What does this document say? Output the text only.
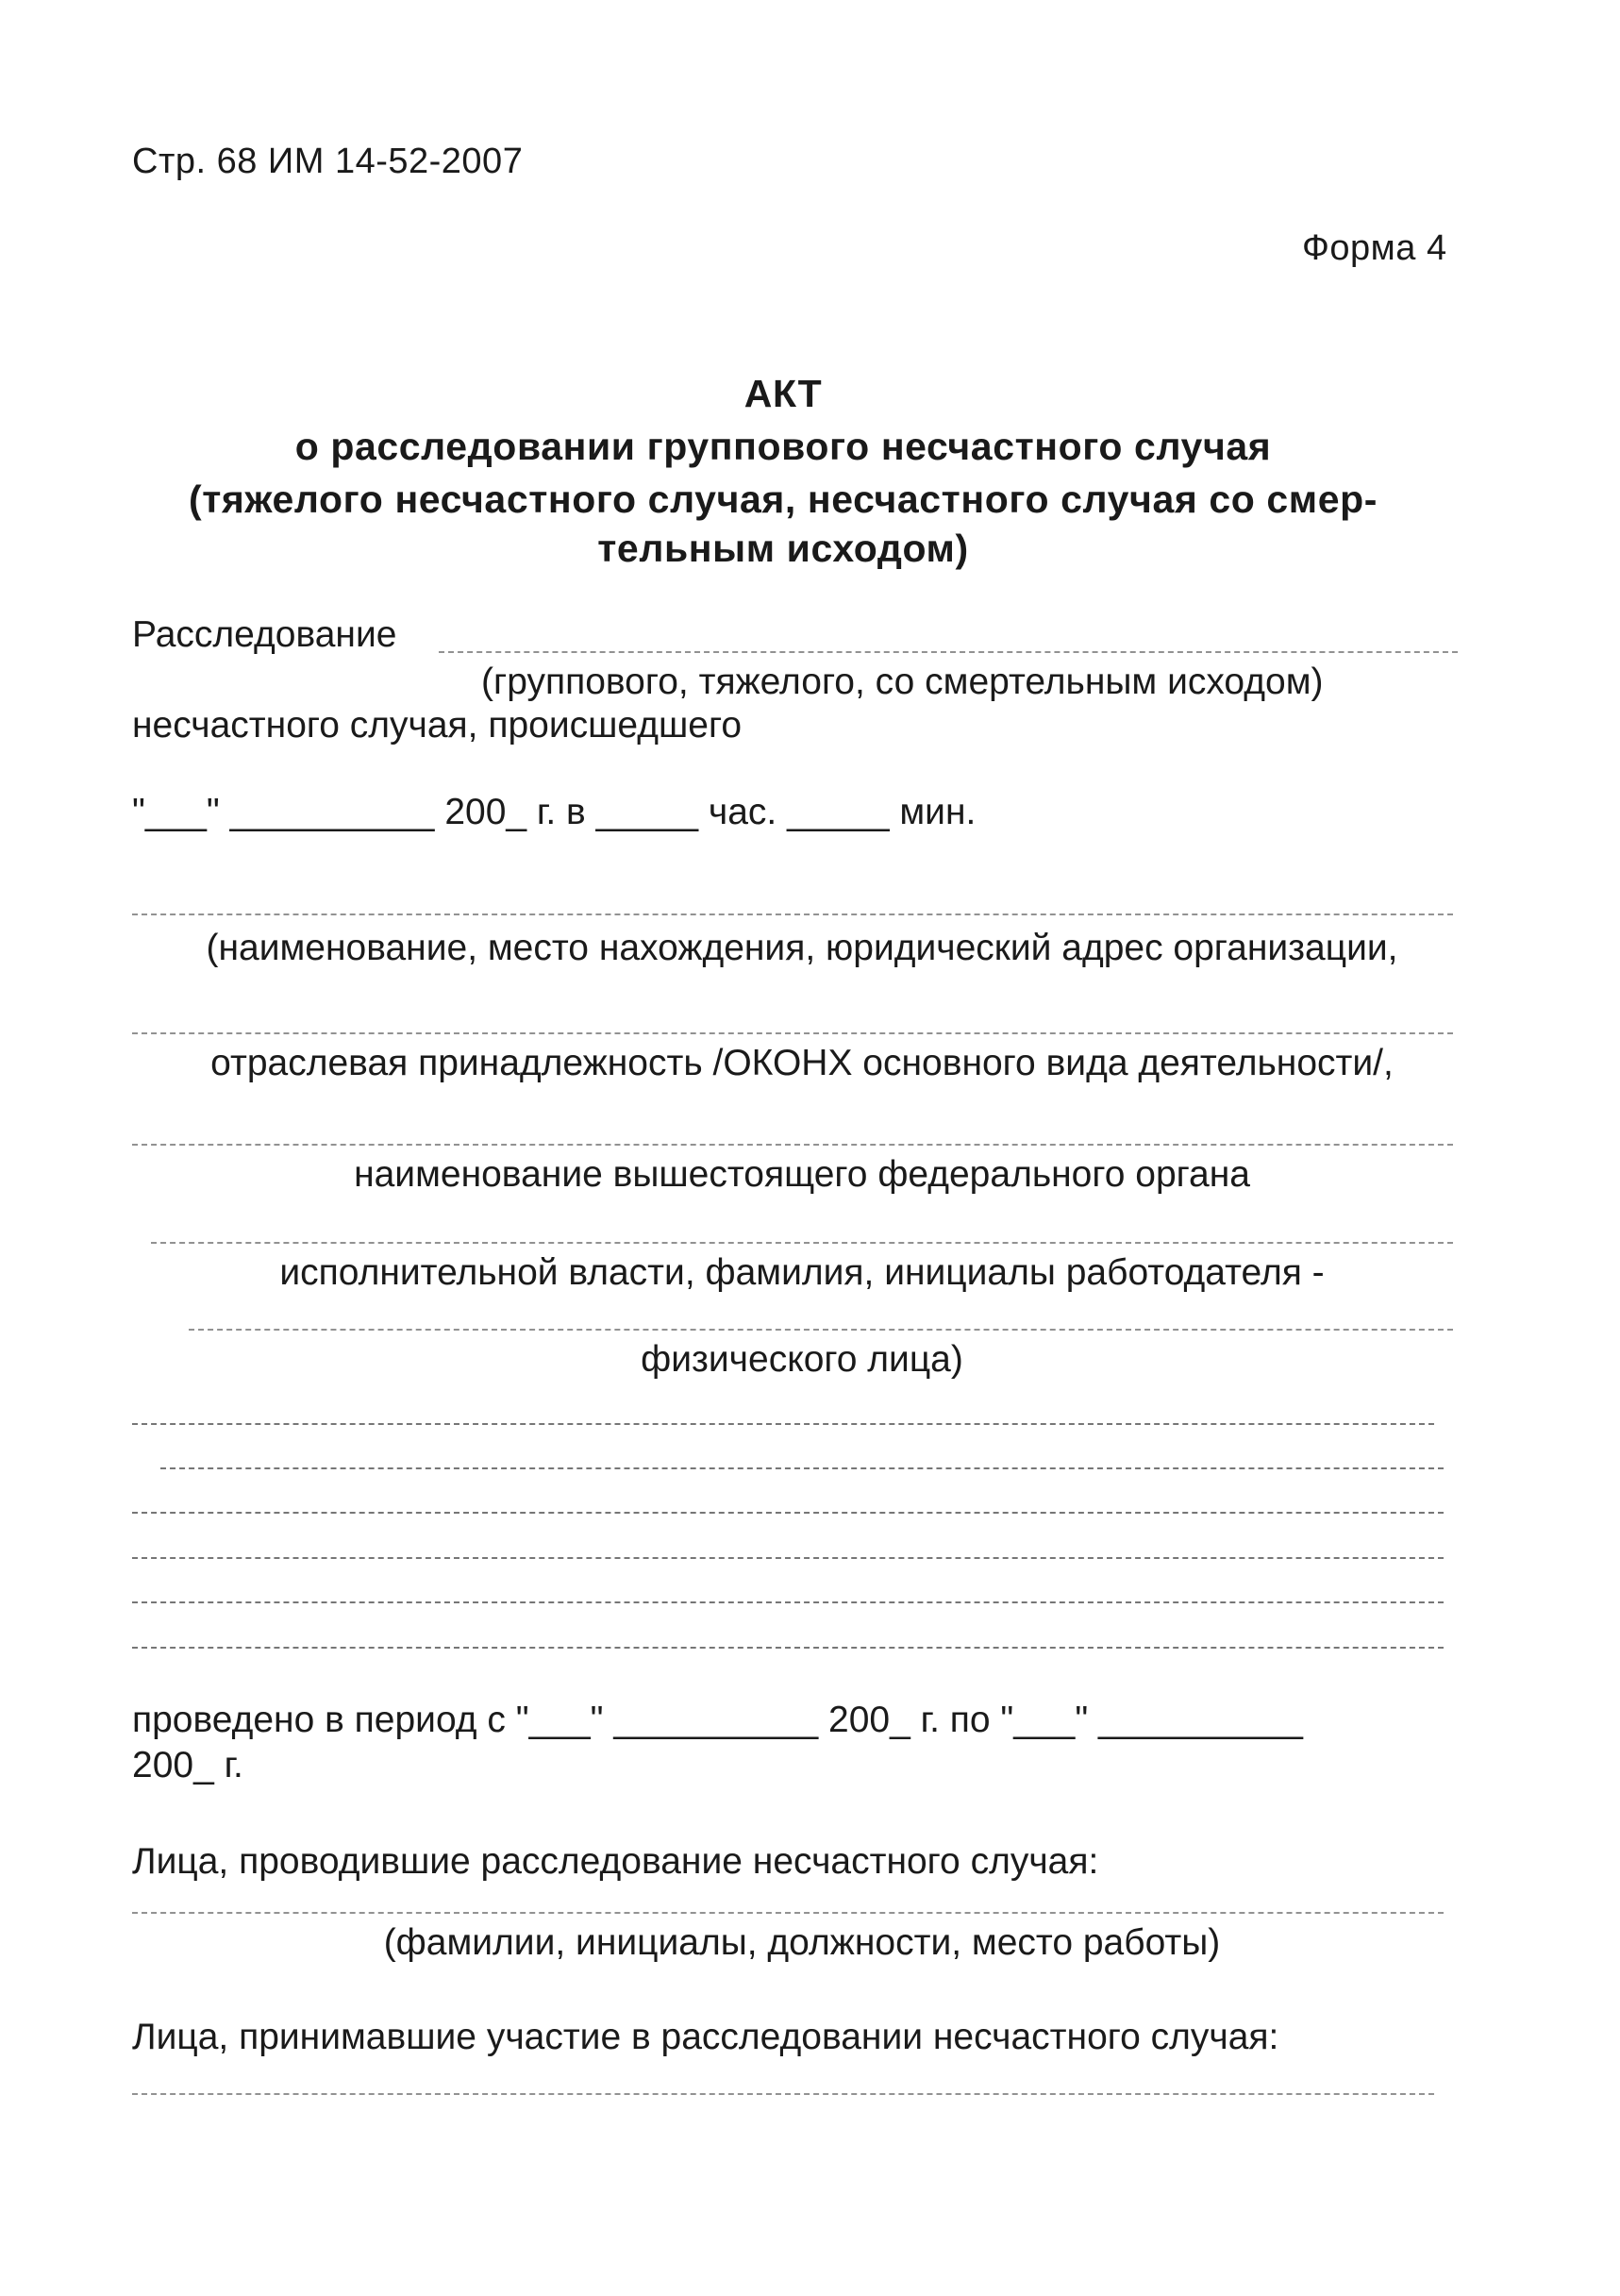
Стр. 68 ИМ 14-52-2007
Форма 4
АКТ
о расследовании группового несчастного случая
(тяжелого несчастного случая, несчастного случая со смер-
тельным исходом)
Расследование
(группового, тяжелого, со смертельным исходом)
несчастного случая, происшедшего
"___" __________ 200_ г. в _____ час. _____ мин.
(наименование, место нахождения, юридический адрес организации,
отраслевая принадлежность /ОКОНХ основного вида деятельности/,
наименование вышестоящего федерального органа
исполнительной власти, фамилия, инициалы работодателя -
физического лица)
проведено в период с "___" __________ 200_ г. по "___" __________
200_ г.
Лица, проводившие расследование несчастного случая:
(фамилии, инициалы, должности, место работы)
Лица, принимавшие участие в расследовании несчастного случая:
